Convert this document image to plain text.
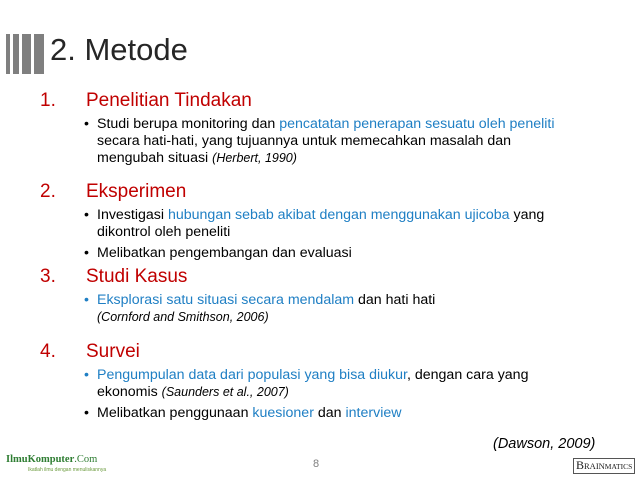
2. Metode
1. Penelitian Tindakan
• Studi berupa monitoring dan pencatatan penerapan sesuatu oleh peneliti secara hati-hati, yang tujuannya untuk memecahkan masalah dan mengubah situasi (Herbert, 1990)
2. Eksperimen
• Investigasi hubungan sebab akibat dengan menggunakan ujicoba yang dikontrol oleh peneliti
• Melibatkan pengembangan dan evaluasi
3. Studi Kasus
• Eksplorasi satu situasi secara mendalam dan hati hati
(Cornford and Smithson, 2006)
4. Survei
• Pengumpulan data dari populasi yang bisa diukur, dengan cara yang ekonomis (Saunders et al., 2007)
• Melibatkan penggunaan kuesioner dan interview
(Dawson, 2009)
8
IlmuKomputer.Com
Ikatlah ilmu dengan menuliskannya	BRAINMATICS
